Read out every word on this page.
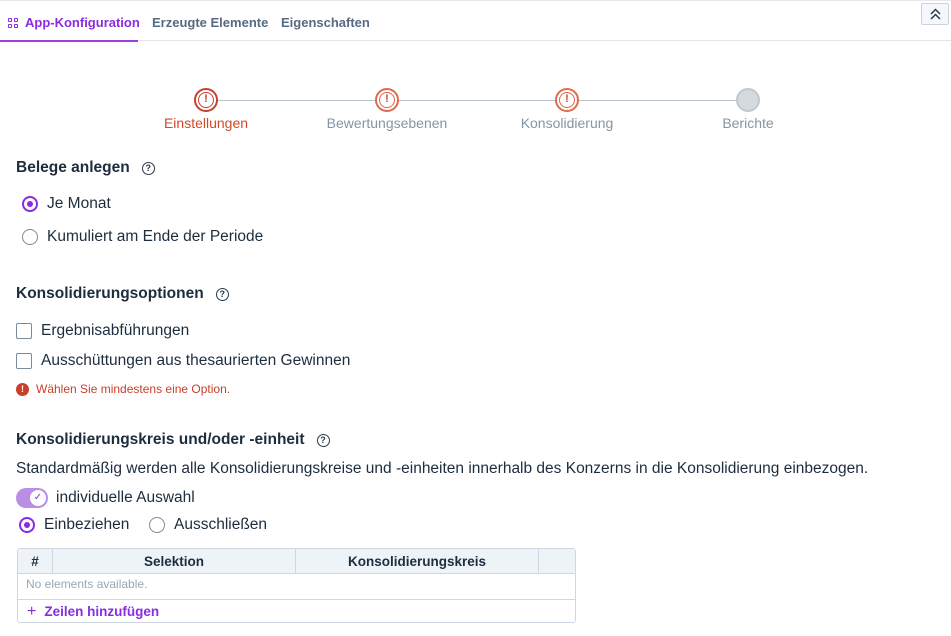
App-Konfiguration Erzeugte Elemente Eigenschaften
!
Einstellungen
!
Bewertungsebenen
!
Konsolidierung	Berichte
Belege anlegen ?
Je Monat
Kumuliert am Ende der Periode
Konsolidierungsoptionen ?
Ergebnisabführungen
Ausschüttungen aus thesaurierten Gewinnen
!	Wählen Sie mindestens eine Option.
Konsolidierungskreis und/oder -einheit ?
Standardmäßig werden alle Konsolidierungskreise und -einheiten innerhalb des Konzerns in die Konsolidierung einbezogen.
✓ individuelle Auswahl
Einbeziehen	Ausschließen
#	Selektion	Konsolidierungskreis
No elements available.
+ Zeilen hinzufügen
